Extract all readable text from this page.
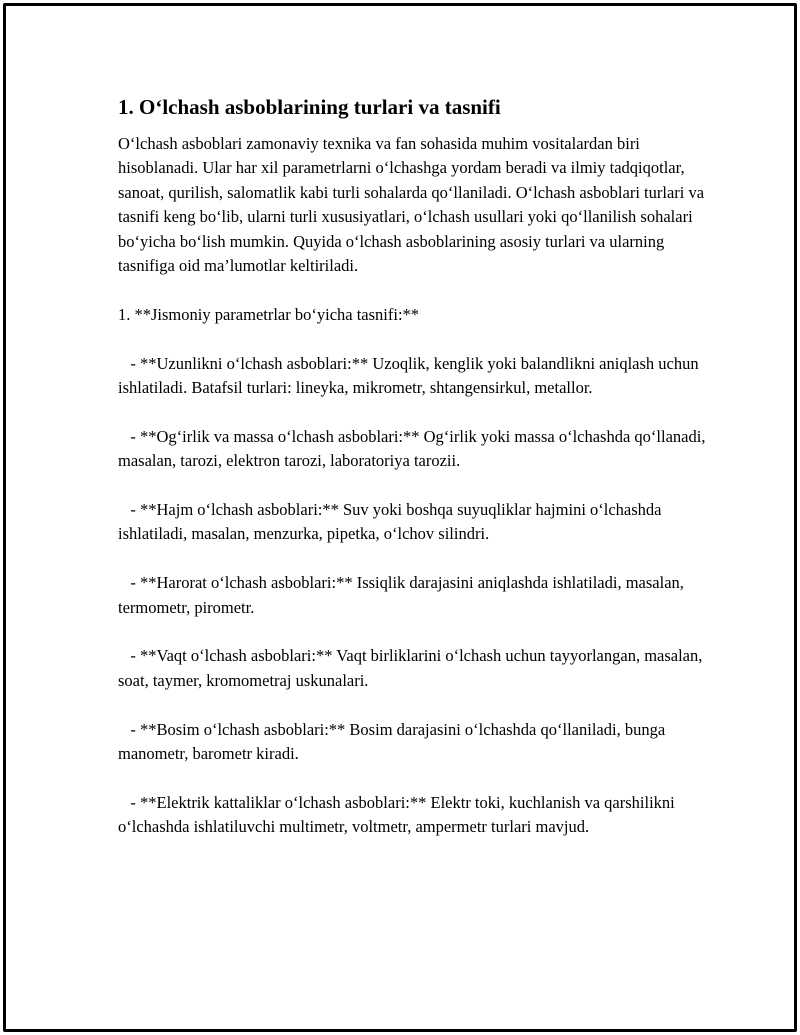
1. O‘lchash asboblarining turlari va tasnifi

O‘lchash asboblari zamonaviy texnika va fan sohasida muhim vositalardan biri hisoblanadi. Ular har xil parametrlarni o‘lchashga yordam beradi va ilmiy tadqiqotlar, sanoat, qurilish, salomatlik kabi turli sohalarda qo‘llaniladi. O‘lchash asboblari turlari va tasnifi keng bo‘lib, ularni turli xususiyatlari, o‘lchash usullari yoki qo‘llanilish sohalari bo‘yicha bo‘lish mumkin. Quyida o‘lchash asboblarining asosiy turlari va ularning tasnifiga oid ma’lumotlar keltiriladi.

1. **Jismoniy parametrlar bo‘yicha tasnifi:**

- **Uzunlikni o‘lchash asboblari:** Uzoqlik, kenglik yoki balandlikni aniqlash uchun ishlatiladi. Batafsil turlari: lineyka, mikrometr, shtangensirkul, metallor.

- **Og‘irlik va massa o‘lchash asboblari:** Og‘irlik yoki massa o‘lchashda qo‘llanadi, masalan, tarozi, elektron tarozi, laboratoriya tarozii.

- **Hajm o‘lchash asboblari:** Suv yoki boshqa suyuqliklar hajmini o‘lchashda ishlatiladi, masalan, menzurka, pipetka, o‘lchov silindri.

- **Harorat o‘lchash asboblari:** Issiqlik darajasini aniqlashda ishlatiladi, masalan, termometr, pirometr.

- **Vaqt o‘lchash asboblari:** Vaqt birliklarini o‘lchash uchun tayyorlangan, masalan, soat, taymer, kromometraj uskunalari.

- **Bosim o‘lchash asboblari:** Bosim darajasini o‘lchashda qo‘llaniladi, bunga manometr, barometr kiradi.

- **Elektrik kattaliklar o‘lchash asboblari:** Elektr toki, kuchlanish va qarshilikni o‘lchashda ishlatiluvchi multimetr, voltmetr, ampermetr turlari mavjud.
